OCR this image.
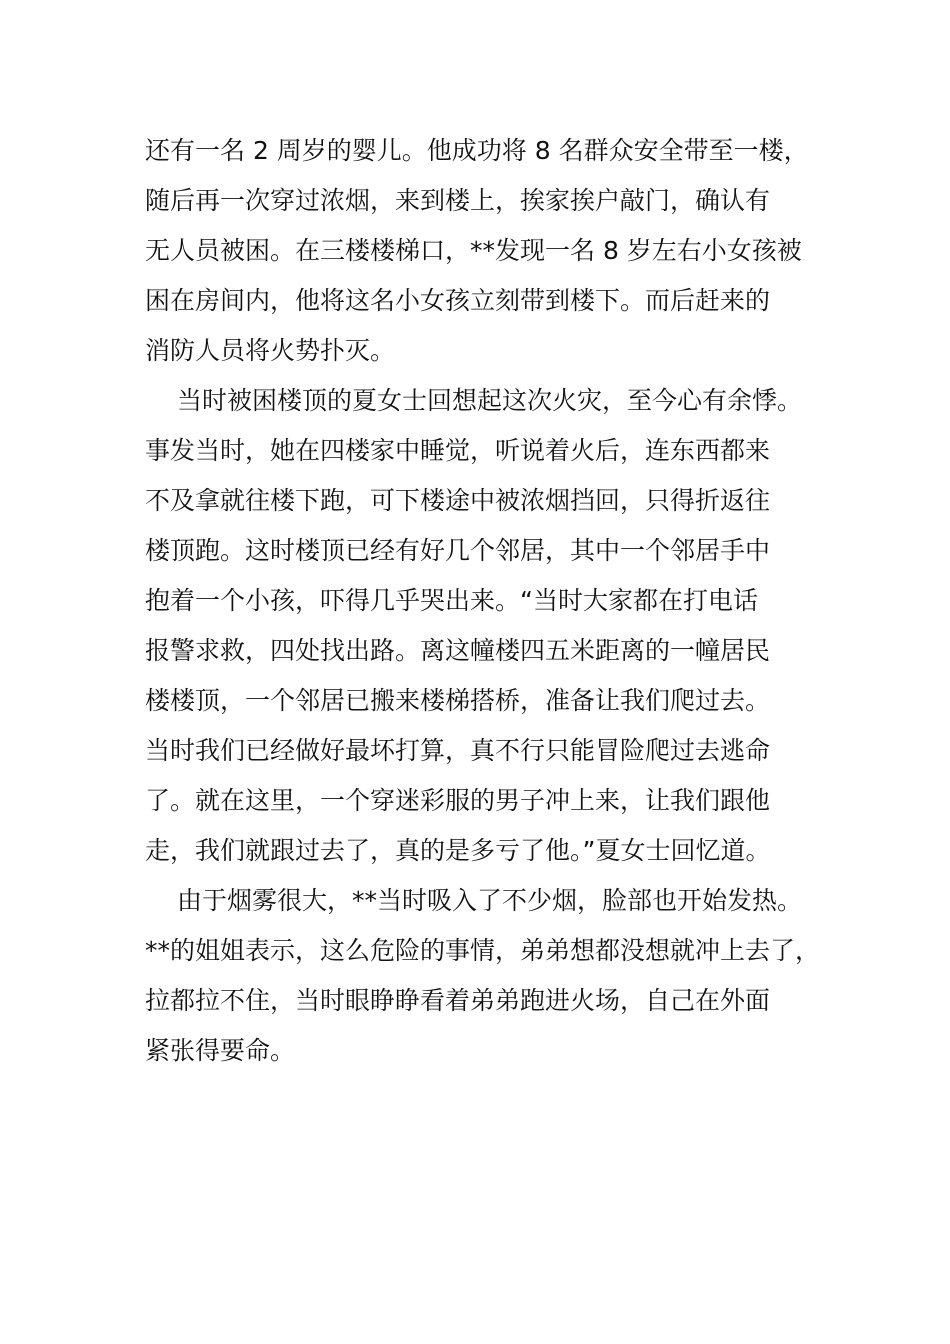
还有一名 2 周岁的婴儿。他成功将 8 名群众安全带至一楼，
随后再一次穿过浓烟，来到楼上，挨家挨户敲门，确认有
无人员被困。在三楼楼梯口，**发现一名 8 岁左右小女孩被
困在房间内，他将这名小女孩立刻带到楼下。而后赶来的
消防人员将火势扑灭。

当时被困楼顶的夏女士回想起这次火灾，至今心有余悸。
事发当时，她在四楼家中睡觉，听说着火后，连东西都来
不及拿就往楼下跑，可下楼途中被浓烟挡回，只得折返往
楼顶跑。这时楼顶已经有好几个邻居，其中一个邻居手中
抱着一个小孩，吓得几乎哭出来。“当时大家都在打电话
报警求救，四处找出路。离这幢楼四五米距离的一幢居民
楼楼顶，一个邻居已搬来楼梯搭桥，准备让我们爬过去。
当时我们已经做好最坏打算，真不行只能冒险爬过去逃命
了。就在这里，一个穿迷彩服的男子冲上来，让我们跟他
走，我们就跟过去了，真的是多亏了他。”夏女士回忆道。

由于烟雾很大，**当时吸入了不少烟，脸部也开始发热。
**的姐姐表示，这么危险的事情，弟弟想都没想就冲上去了，
拉都拉不住，当时眼睁睁看着弟弟跑进火场，自己在外面
紧张得要命。
